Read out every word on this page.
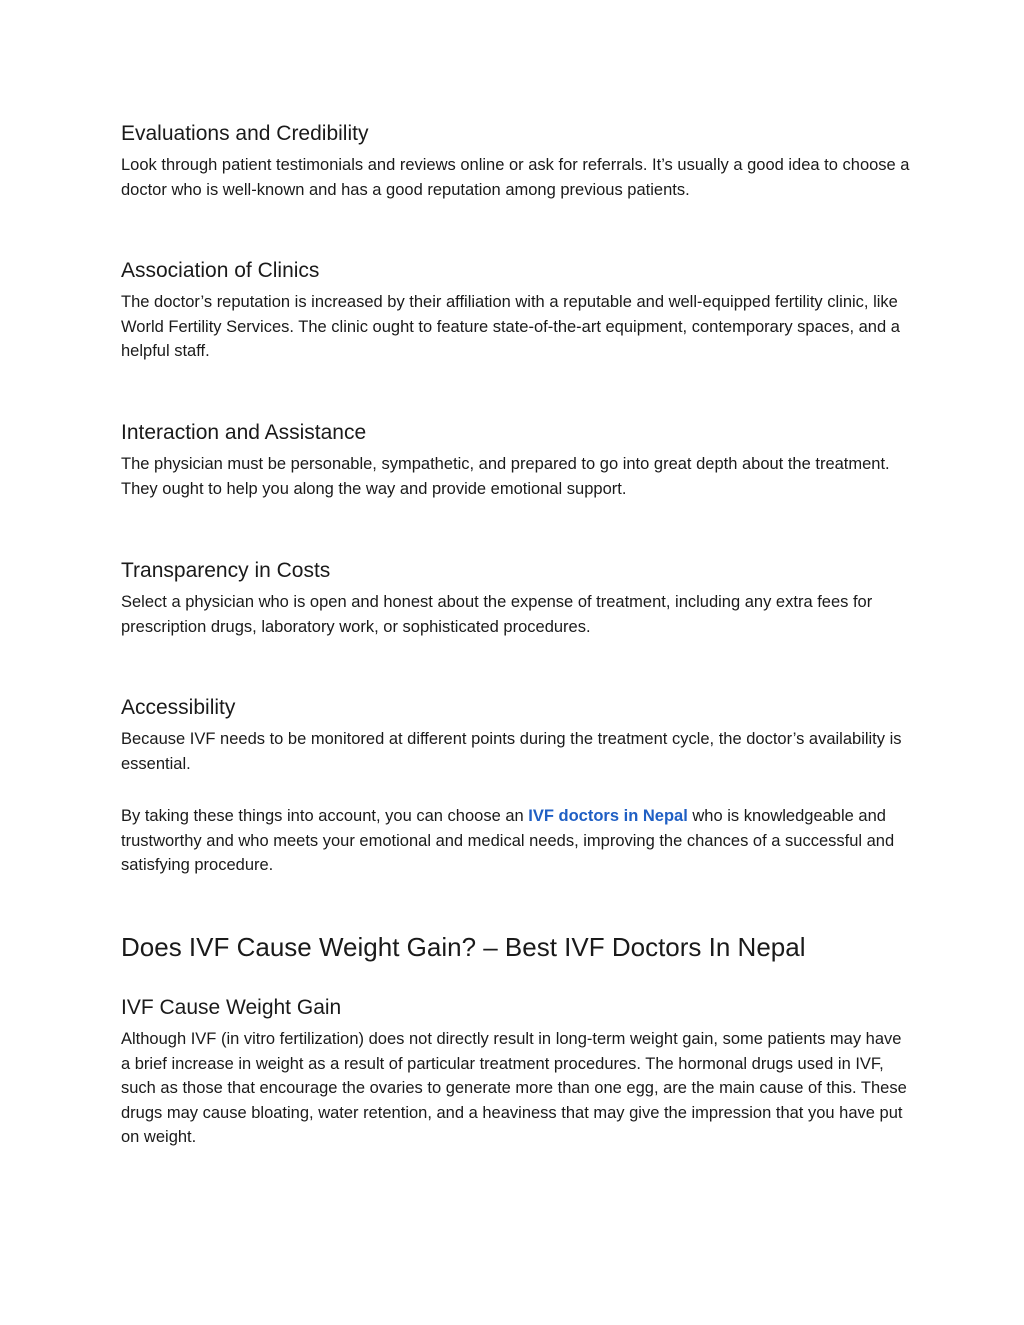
Evaluations and Credibility

Look through patient testimonials and reviews online or ask for referrals. It’s usually a good idea to choose a doctor who is well-known and has a good reputation among previous patients.

Association of Clinics

The doctor’s reputation is increased by their affiliation with a reputable and well-equipped fertility clinic, like World Fertility Services. The clinic ought to feature state-of-the-art equipment, contemporary spaces, and a helpful staff.

Interaction and Assistance

The physician must be personable, sympathetic, and prepared to go into great depth about the treatment. They ought to help you along the way and provide emotional support.

Transparency in Costs

Select a physician who is open and honest about the expense of treatment, including any extra fees for prescription drugs, laboratory work, or sophisticated procedures.

Accessibility

Because IVF needs to be monitored at different points during the treatment cycle, the doctor’s availability is essential.

By taking these things into account, you can choose an IVF doctors in Nepal who is knowledgeable and trustworthy and who meets your emotional and medical needs, improving the chances of a successful and satisfying procedure.

Does IVF Cause Weight Gain? – Best IVF Doctors In Nepal
IVF Cause Weight Gain

Although IVF (in vitro fertilization) does not directly result in long-term weight gain, some patients may have a brief increase in weight as a result of particular treatment procedures. The hormonal drugs used in IVF, such as those that encourage the ovaries to generate more than one egg, are the main cause of this. These drugs may cause bloating, water retention, and a heaviness that may give the impression that you have put on weight.
